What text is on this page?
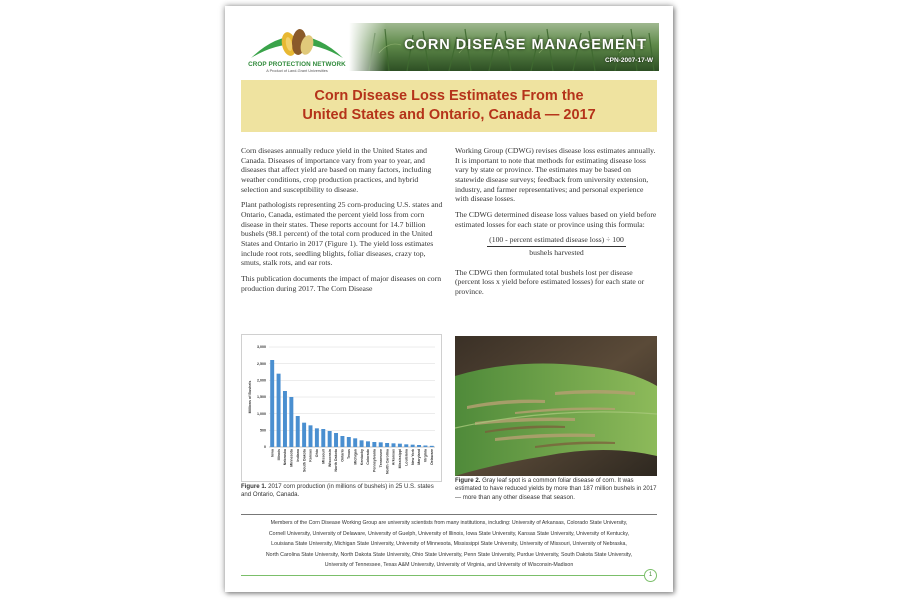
CROP PROTECTION NETWORK
A Product of Land-Grant Universities
CORN DISEASE MANAGEMENT
CPN-2007-17-W
Corn Disease Loss Estimates From the
United States and Ontario, Canada — 2017

Corn diseases annually reduce yield in the United States and Canada. Diseases of importance vary from year to year, and diseases that affect yield are based on many factors, including weather conditions, crop production practices, and hybrid selection and susceptibility to disease.

Plant pathologists representing 25 corn-producing U.S. states and Ontario, Canada, estimated the percent yield loss from corn disease in their states. These reports account for 14.7 billion bushels (98.1 percent) of the total corn produced in the United States and Ontario in 2017 (Figure 1). The yield loss estimates include root rots, seedling blights, foliar diseases, crazy top, smuts, stalk rots, and ear rots.

This publication documents the impact of major diseases on corn production during 2017. The Corn Disease

Working Group (CDWG) revises disease loss estimates annually. It is important to note that methods for estimating disease loss vary by state or province. The estimates may be based on statewide disease surveys; feedback from university extension, industry, and farmer representatives; and personal experience with disease losses.

The CDWG determined disease loss values based on yield before estimated losses for each state or province using this formula:

(100 - percent estimated disease loss) ÷ 100
bushels harvested

The CDWG then formulated total bushels lost per disease (percent loss x yield before estimated losses) for each state or province.

0
500
1,000
1,500
2,000
2,500
3,000
Millions of Bushels
Iowa Illinois Nebraska Minnesota Indiana South Dakota Kansas Ohio Missouri Wisconsin North Dakota Ontario Texas Michigan Kentucky Colorado Pennsylvania Tennessee North Carolina Arkansas Mississippi Louisiana New York Maryland Virginia Delaware
Figure 1. 2017 corn production (in millions of bushels) in 25 U.S. states and Ontario, Canada.
Figure 2. Gray leaf spot is a common foliar disease of corn. It was estimated to have reduced yields by more than 187 million bushels in 2017 — more than any other disease that season.
Members of the Corn Disease Working Group are university scientists from many institutions, including: University of Arkansas, Colorado State University,
Cornell University, University of Delaware, University of Guelph, University of Illinois, Iowa State University, Kansas State University, University of Kentucky,
Louisiana State University, Michigan State University, University of Minnesota, Mississippi State University, University of Missouri, University of Nebraska,
North Carolina State University, North Dakota State University, Ohio State University, Penn State University, Purdue University, South Dakota State University,
University of Tennessee, Texas A&M University, University of Virginia, and University of Wisconsin-Madison
1
